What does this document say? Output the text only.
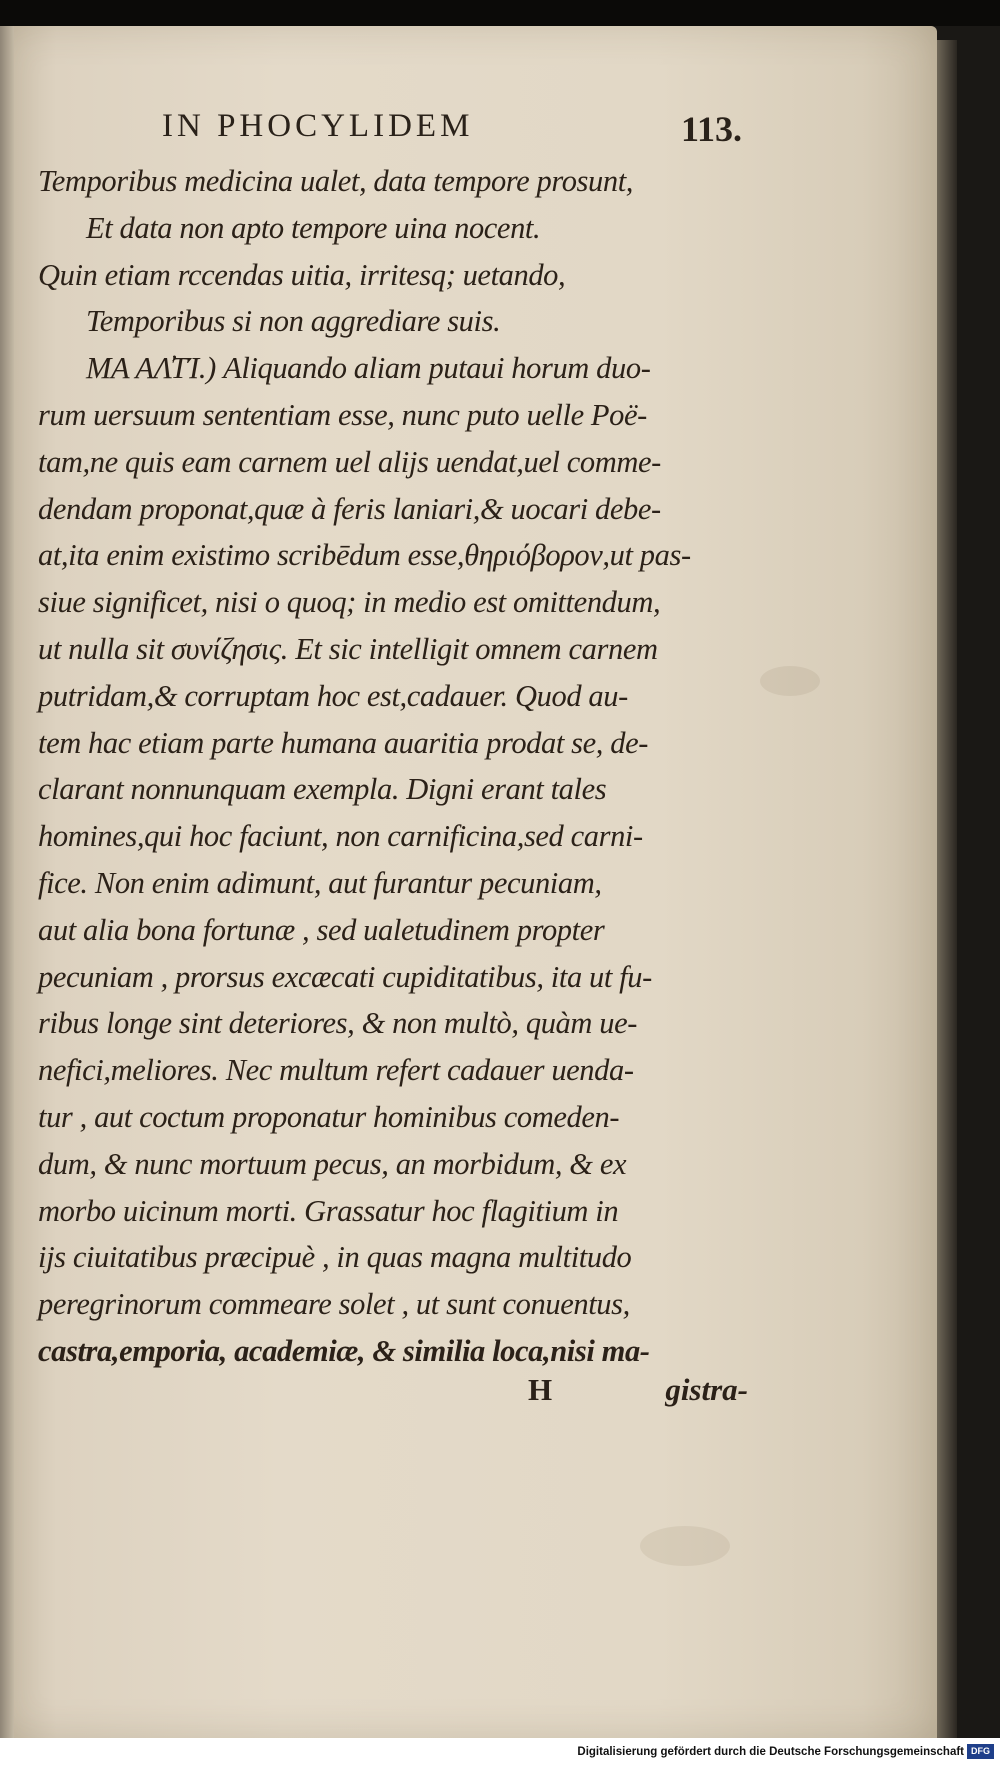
IN PHOCYLIDEM	113.
Temporibus medicina ualet, data tempore prosunt,
Et data non apto tempore uina nocent.
Quin etiam rccendas uitia, irritesq; uetando,
Temporibus si non aggrediare suis.
ΜΑ ΑΛ̓ΤΊ.) Aliquando aliam putaui horum duo-
rum uersuum sententiam esse, nunc puto uelle Poë-
tam,ne quis eam carnem uel alijs uendat,uel comme-
dendam proponat,quæ à feris laniari,& uocari debe-
at,ita enim existimo scribēdum esse,θηριόβορον,ut pas-
siue significet, nisi ο quoq; in medio est omittendum,
ut nulla sit συνίζησις. Et sic intelligit omnem carnem
putridam,& corruptam hoc est,cadauer. Quod au-
tem hac etiam parte humana auaritia prodat se, de-
clarant nonnunquam exempla. Digni erant tales
homines,qui hoc faciunt, non carnificina,sed carni-
fice. Non enim adimunt, aut furantur pecuniam,
aut alia bona fortunæ , sed ualetudinem propter
pecuniam , prorsus excæcati cupiditatibus, ita ut fu-
ribus longe sint deteriores, & non multò, quàm ue-
nefici,meliores. Nec multum refert cadauer uenda-
tur , aut coctum proponatur hominibus comeden-
dum, & nunc mortuum pecus, an morbidum, & ex
morbo uicinum morti. Grassatur hoc flagitium in
ijs ciuitatibus præcipuè , in quas magna multitudo
peregrinorum commeare solet , ut sunt conuentus,
castra,emporia, academiæ, & similia loca,nisi ma-
H	gistra-
Digitalisierung gefördert durch die Deutsche Forschungsgemeinschaft DFG
